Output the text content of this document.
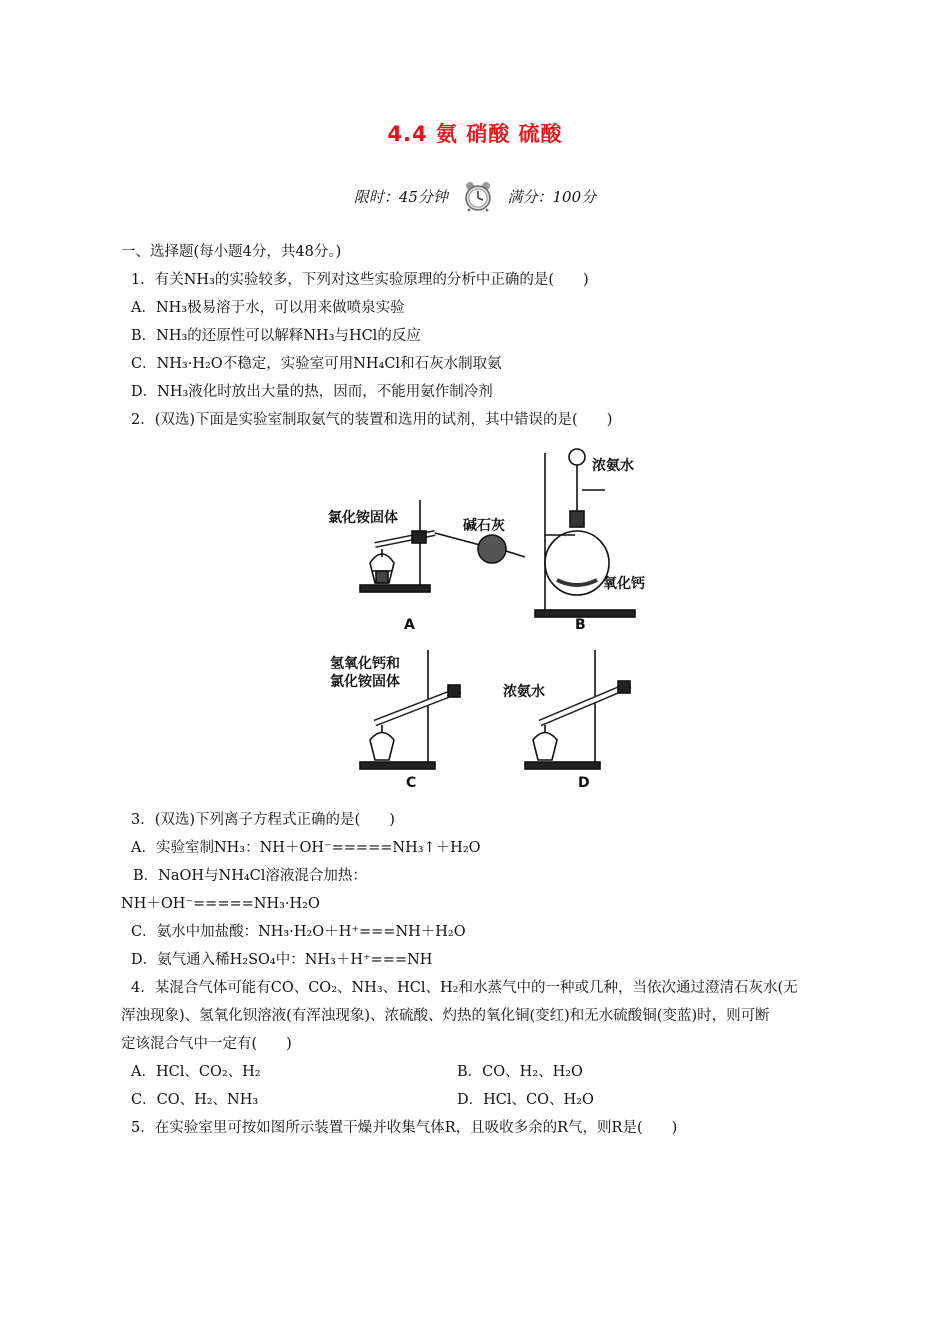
4.4 氨 硝酸 硫酸
限时：45分钟	满分：100分
一、选择题(每小题4分，共48分。)
1．有关NH₃的实验较多，下列对这些实验原理的分析中正确的是(　　)
A．NH₃极易溶于水，可以用来做喷泉实验
B．NH₃的还原性可以解释NH₃与HCl的反应
C．NH₃·H₂O不稳定，实验室可用NH₄Cl和石灰水制取氨
D．NH₃液化时放出大量的热，因而，不能用氨作制冷剂
2．(双选)下面是实验室制取氨气的装置和选用的试剂，其中错误的是(　　)
氯化铵固体	碱石灰
浓氨水
氧化钙
A	B
氢氧化钙和
氯化铵固体
浓氨水
C	D
3．(双选)下列离子方程式正确的是(　　)
A．实验室制NH₃：NH＋OH⁻=====NH₃↑＋H₂O
B．NaOH与NH₄Cl溶液混合加热：
NH＋OH⁻=====NH₃·H₂O
C．氨水中加盐酸：NH₃·H₂O＋H⁺===NH＋H₂O
D．氨气通入稀H₂SO₄中：NH₃＋H⁺===NH
4．某混合气体可能有CO、CO₂、NH₃、HCl、H₂和水蒸气中的一种或几种，当依次通过澄清石灰水(无
浑浊现象)、氢氧化钡溶液(有浑浊现象)、浓硫酸、灼热的氧化铜(变红)和无水硫酸铜(变蓝)时，则可断
定该混合气中一定有(　　)
A．HCl、CO₂、H₂	B．CO、H₂、H₂O
C．CO、H₂、NH₃	D．HCl、CO、H₂O
5．在实验室里可按如图所示装置干燥并收集气体R，且吸收多余的R气，则R是(　　)
